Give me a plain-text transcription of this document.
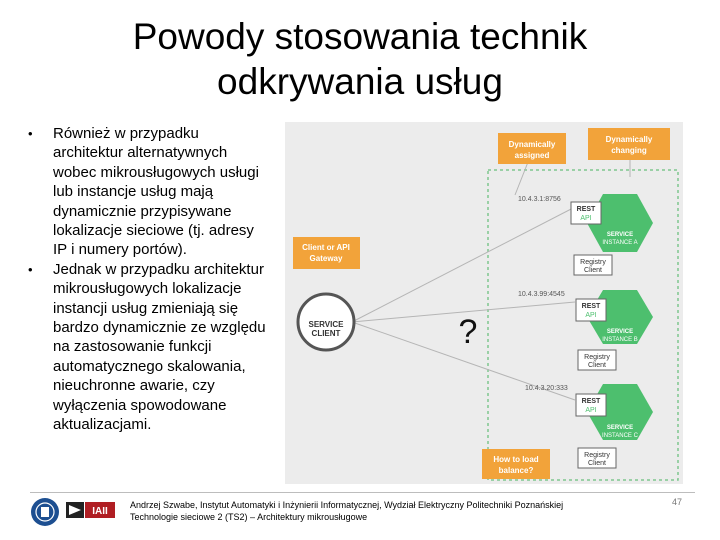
Powody stosowania technik
odkrywania usług
• Również w przypadku architektur alternatywnych wobec mikrousługowych usługi lub instancje usług mają dynamicznie przypisywane lokalizacje sieciowe (tj. adresy IP i numery portów).
• Jednak w przypadku architektur mikrousługowych lokalizacje instancji usług zmieniają się bardzo dynamicznie ze względu na zastosowanie funkcji automatycznego skalowania, nieuchronne awarie, czy wyłączenia spowodowane aktualizacjami.
Dynamically
assigned
Dynamically
changing
Client or API
Gateway
SERVICE
CLIENT	?
How to load
balance?
10.4.3.1:8756
SERVICE
INSTANCE A
REST
API
Registry
Client
10.4.3.99:4545
SERVICE
INSTANCE B
REST
API
Registry
Client
10.4.3.20:333
SERVICE
INSTANCE C
REST
API
Registry
Client
IAII
Andrzej Szwabe, Instytut Automatyki i Inżynierii Informatycznej, Wydział Elektryczny Politechniki Poznańskiej
Technologie sieciowe 2 (TS2) – Architektury mikrousługowe
47
